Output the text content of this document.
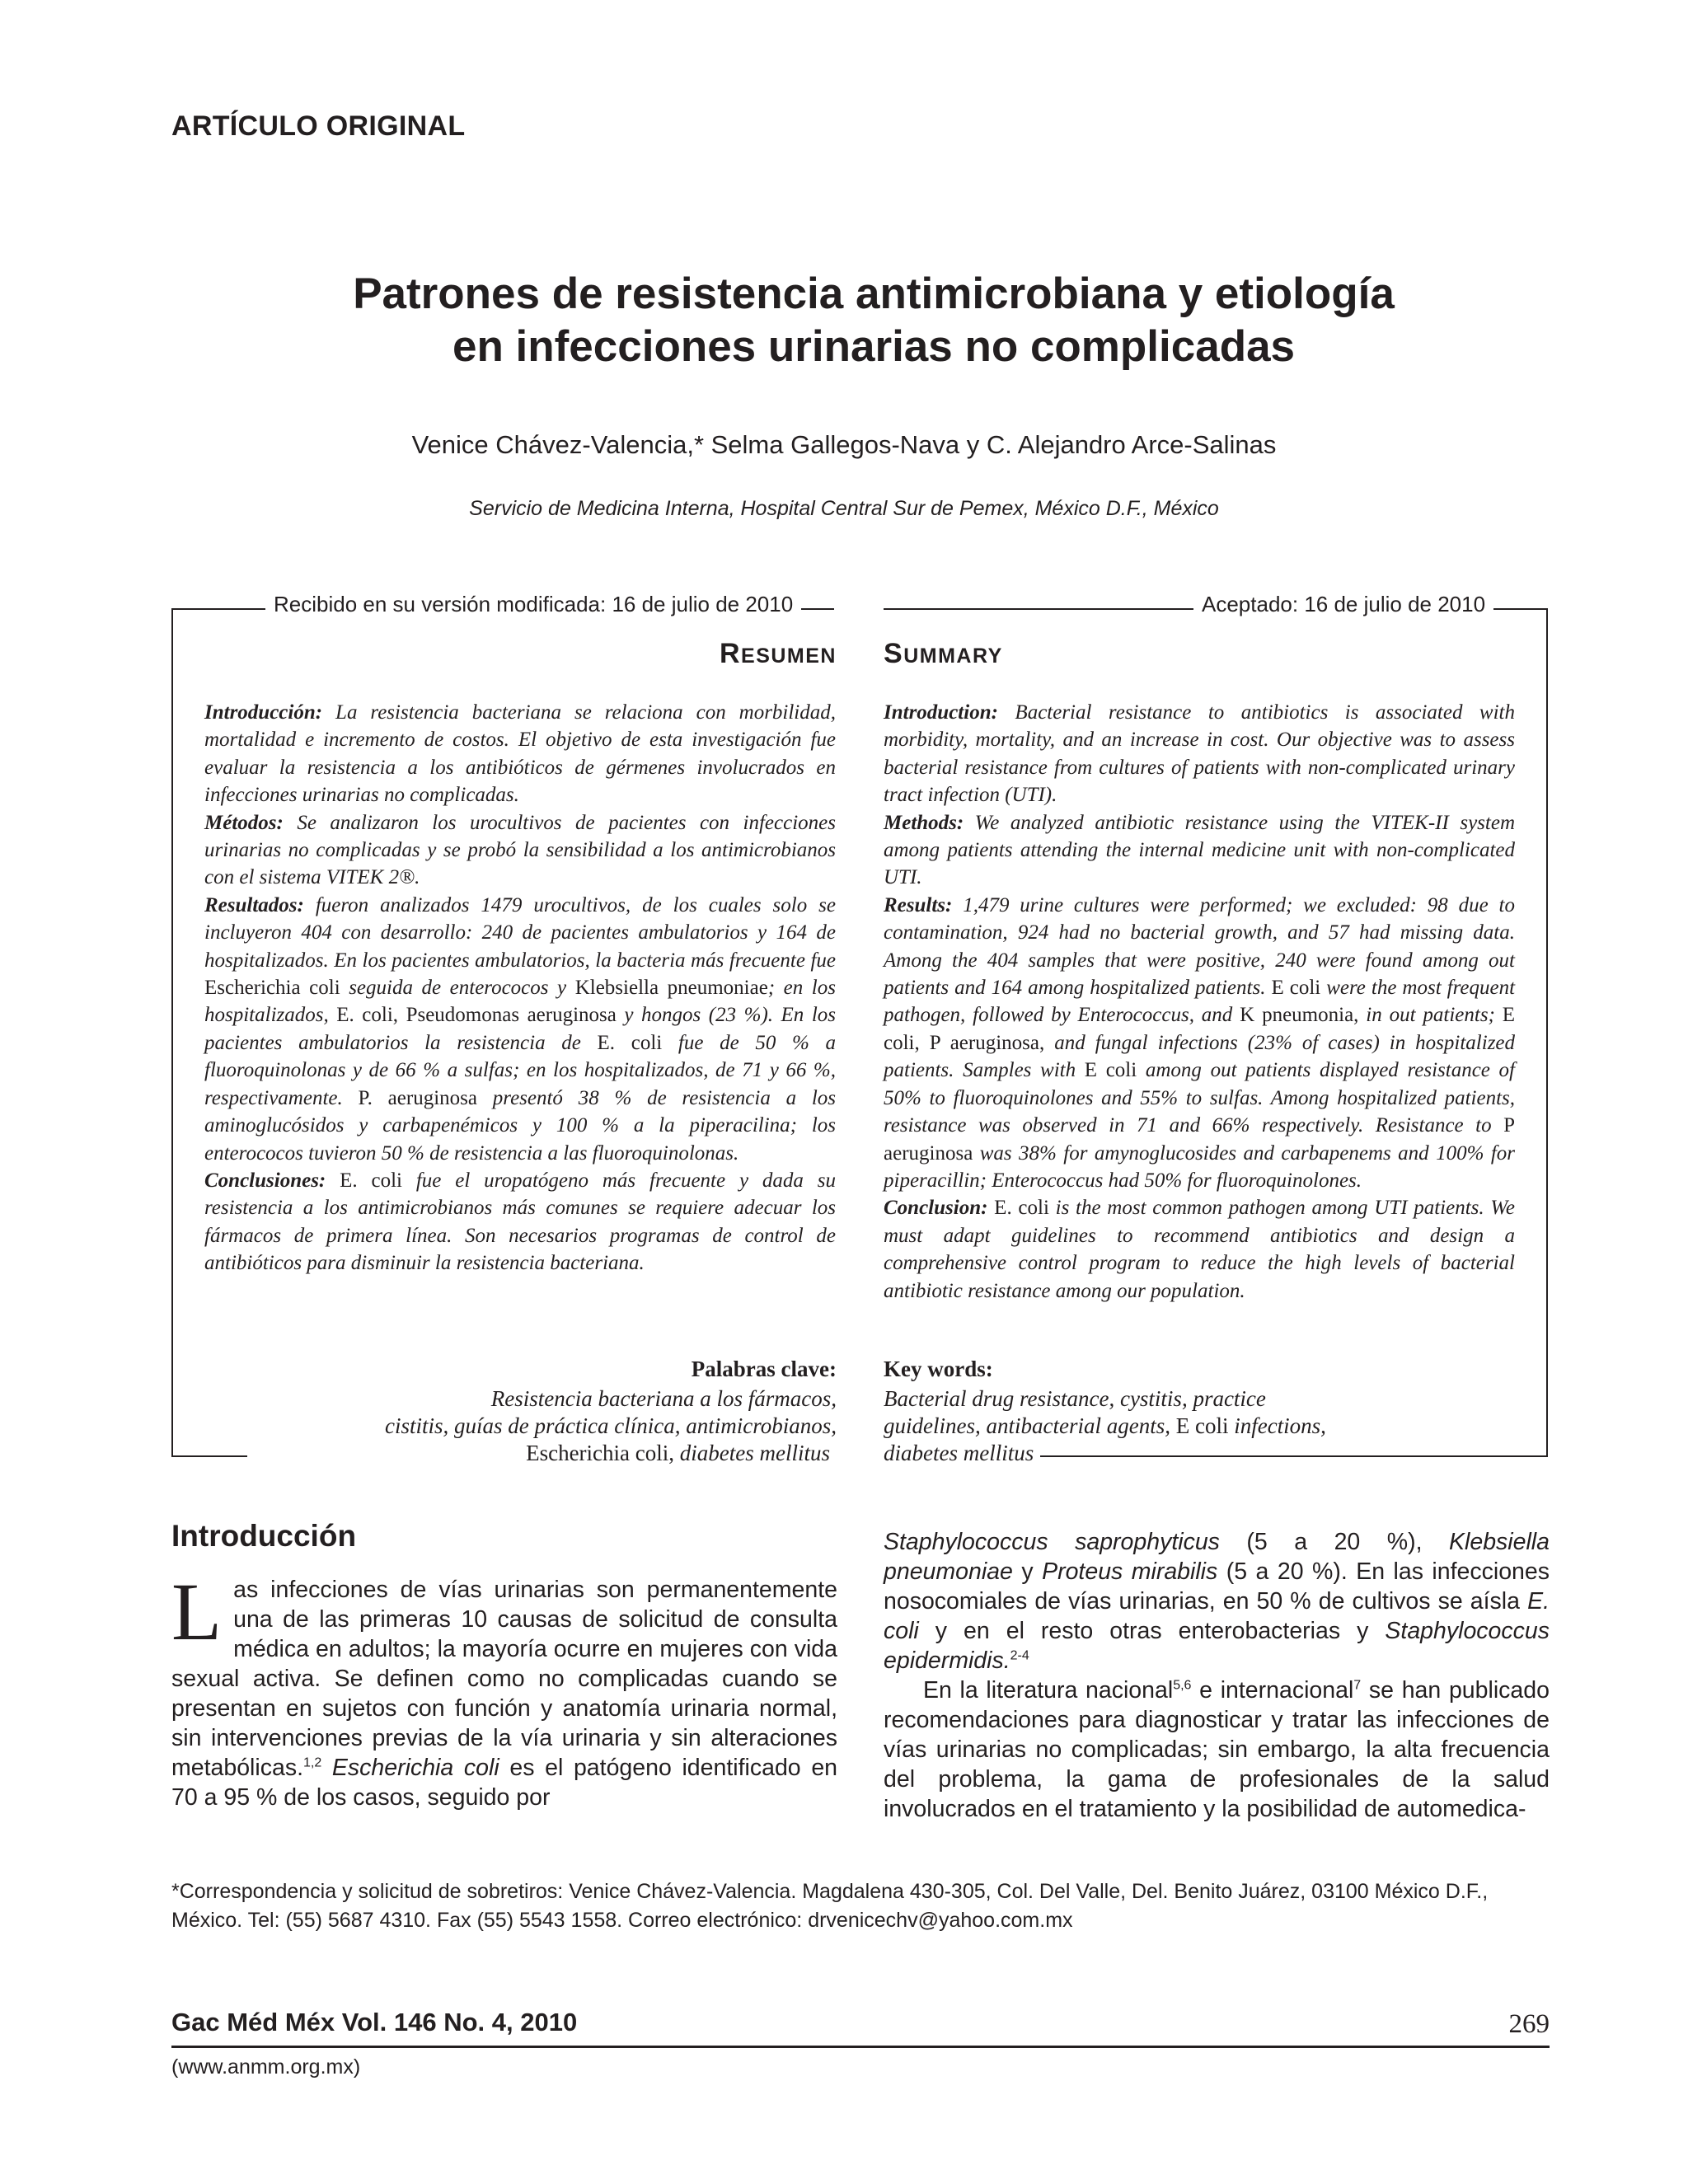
ARTÍCULO ORIGINAL
Patrones de resistencia antimicrobiana y etiología
en infecciones urinarias no complicadas
Venice Chávez-Valencia,* Selma Gallegos-Nava y C. Alejandro Arce-Salinas
Servicio de Medicina Interna, Hospital Central Sur de Pemex, México D.F., México
Recibido en su versión modificada: 16 de julio de 2010	Aceptado: 16 de julio de 2010
RESUMEN SUMMARY

Introducción: La resistencia bacteriana se relaciona con morbilidad, mortalidad e incremento de costos. El objetivo de esta investigación fue evaluar la resistencia a los antibióticos de gérmenes involucrados en infecciones urinarias no complicadas.

Métodos: Se analizaron los urocultivos de pacientes con infecciones urinarias no complicadas y se probó la sensibilidad a los antimicrobianos con el sistema VITEK 2®.

Resultados: fueron analizados 1479 urocultivos, de los cuales solo se incluyeron 404 con desarrollo: 240 de pacientes ambulatorios y 164 de hospitalizados. En los pacientes ambulatorios, la bacteria más frecuente fue Escherichia coli seguida de enterococos y Klebsiella pneumoniae; en los hospitalizados, E. coli, Pseudomonas aeruginosa y hongos (23 %). En los pacientes ambulatorios la resistencia de E. coli fue de 50 % a fluoroquinolonas y de 66 % a sulfas; en los hospitalizados, de 71 y 66 %, respectivamente. P. aeruginosa presentó 38 % de resistencia a los aminoglucósidos y carbapenémicos y 100 % a la piperacilina; los enterococos tuvieron 50 % de resistencia a las fluoroquinolonas.

Conclusiones: E. coli fue el uropatógeno más frecuente y dada su resistencia a los antimicrobianos más comunes se requiere adecuar los fármacos de primera línea. Son necesarios programas de control de antibióticos para disminuir la resistencia bacteriana.

Introduction: Bacterial resistance to antibiotics is associated with morbidity, mortality, and an increase in cost. Our objective was to assess bacterial resistance from cultures of patients with non-complicated urinary tract infection (UTI).

Methods: We analyzed antibiotic resistance using the VITEK-II system among patients attending the internal medicine unit with non-complicated UTI.

Results: 1,479 urine cultures were performed; we excluded: 98 due to contamination, 924 had no bacterial growth, and 57 had missing data. Among the 404 samples that were positive, 240 were found among out patients and 164 among hospitalized patients. E coli were the most frequent pathogen, followed by Enterococcus, and K pneumonia, in out patients; E coli, P aeruginosa, and fungal infections (23% of cases) in hospitalized patients. Samples with E coli among out patients displayed resistance of 50% to fluoroquinolones and 55% to sulfas. Among hospitalized patients, resistance was observed in 71 and 66% respectively. Resistance to P aeruginosa was 38% for amynoglucosides and carbapenems and 100% for piperacillin; Enterococcus had 50% for fluoroquinolones.

Conclusion: E. coli is the most common pathogen among UTI patients. We must adapt guidelines to recommend antibiotics and design a comprehensive control program to reduce the high levels of bacterial antibiotic resistance among our population.

Palabras clave:
Resistencia bacteriana a los fármacos,
cistitis, guías de práctica clínica, antimicrobianos,
Escherichia coli, diabetes mellitus
Key words:
Bacterial drug resistance, cystitis, practice
guidelines, antibacterial agents, E coli infections,
diabetes mellitus
Introducción

Las infecciones de vías urinarias son permanentemente una de las primeras 10 causas de solicitud de consulta médica en adultos; la mayoría ocurre en mujeres con vida sexual activa. Se definen como no complicadas cuando se presentan en sujetos con función y anatomía urinaria normal, sin intervenciones previas de la vía urinaria y sin alteraciones metabólicas.$^{1,2}$ Escherichia coli es el patógeno identificado en 70 a 95 % de los casos, seguido por

Staphylococcus saprophyticus (5 a 20 %), Klebsiella pneumoniae y Proteus mirabilis (5 a 20 %). En las infecciones nosocomiales de vías urinarias, en 50 % de cultivos se aísla E. coli y en el resto otras enterobacterias y Staphylococcus epidermidis.$^{2-4}$

En la literatura nacional$^{5,6}$ e internacional$^7$ se han publicado recomendaciones para diagnosticar y tratar las infecciones de vías urinarias no complicadas; sin embargo, la alta frecuencia del problema, la gama de profesionales de la salud involucrados en el tratamiento y la posibilidad de automedica-

*Correspondencia y solicitud de sobretiros: Venice Chávez-Valencia. Magdalena 430-305, Col. Del Valle, Del. Benito Juárez, 03100 México D.F., México. Tel: (55) 5687 4310. Fax (55) 5543 1558. Correo electrónico: drvenicechv@yahoo.com.mx
Gac Méd Méx Vol. 146 No. 4, 2010	269
(www.anmm.org.mx)
